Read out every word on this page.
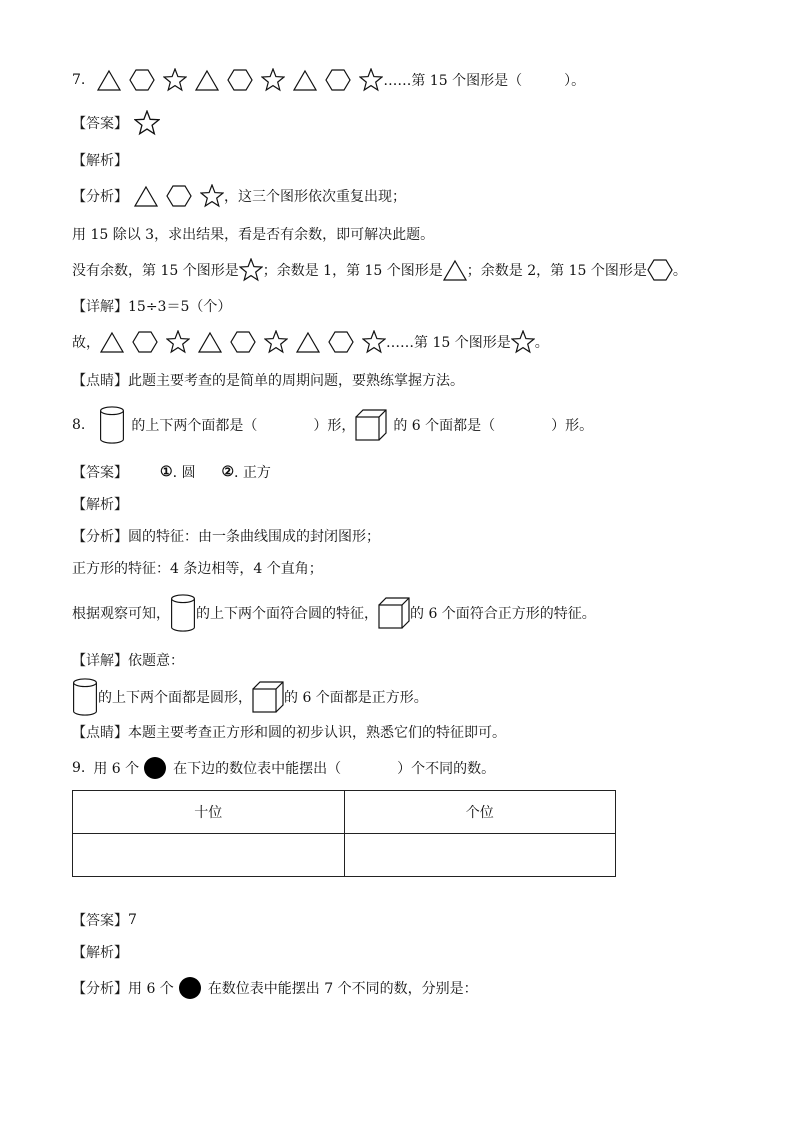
7.	……第 15 个图形是（　　　）。
【答案】
【解析】
【分析】	，这三个图形依次重复出现；
用 15 除以 3，求出结果，看是否有余数，即可解决此题。
没有余数，第 15 个图形是 ；余数是 1，第 15 个图形是 ；余数是 2，第 15 个图形是 。
【详解】 15÷3＝5（个）
故，	……第 15 个图形是 。
【点睛】 此题主要考查的是简单的周期问题，要熟练掌握方法。
8.	的上下两个面都是（　　　　）形，	的 6 个面都是（　　　　）形。
【答案】 ① . 圆 ② . 正方
【解析】
【分析】 圆的特征：由一条曲线围成的封闭图形；
正方形的特征：4 条边相等，4 个直角；
根据观察可知， 的上下两个面符合圆的特征， 的 6 个面符合正方形的特征。
【详解】 依题意：
的上下两个面都是圆形， 的 6 个面都是正方形。
【点睛】 本题主要考查正方形和圆的初步认识，熟悉它们的特征即可。
9. 用 6 个 在下边的数位表中能摆出（　　　　）个不同的数。
十位	个位

【答案】 7
【解析】
【分析】 用 6 个 在数位表中能摆出 7 个不同的数，分别是：
